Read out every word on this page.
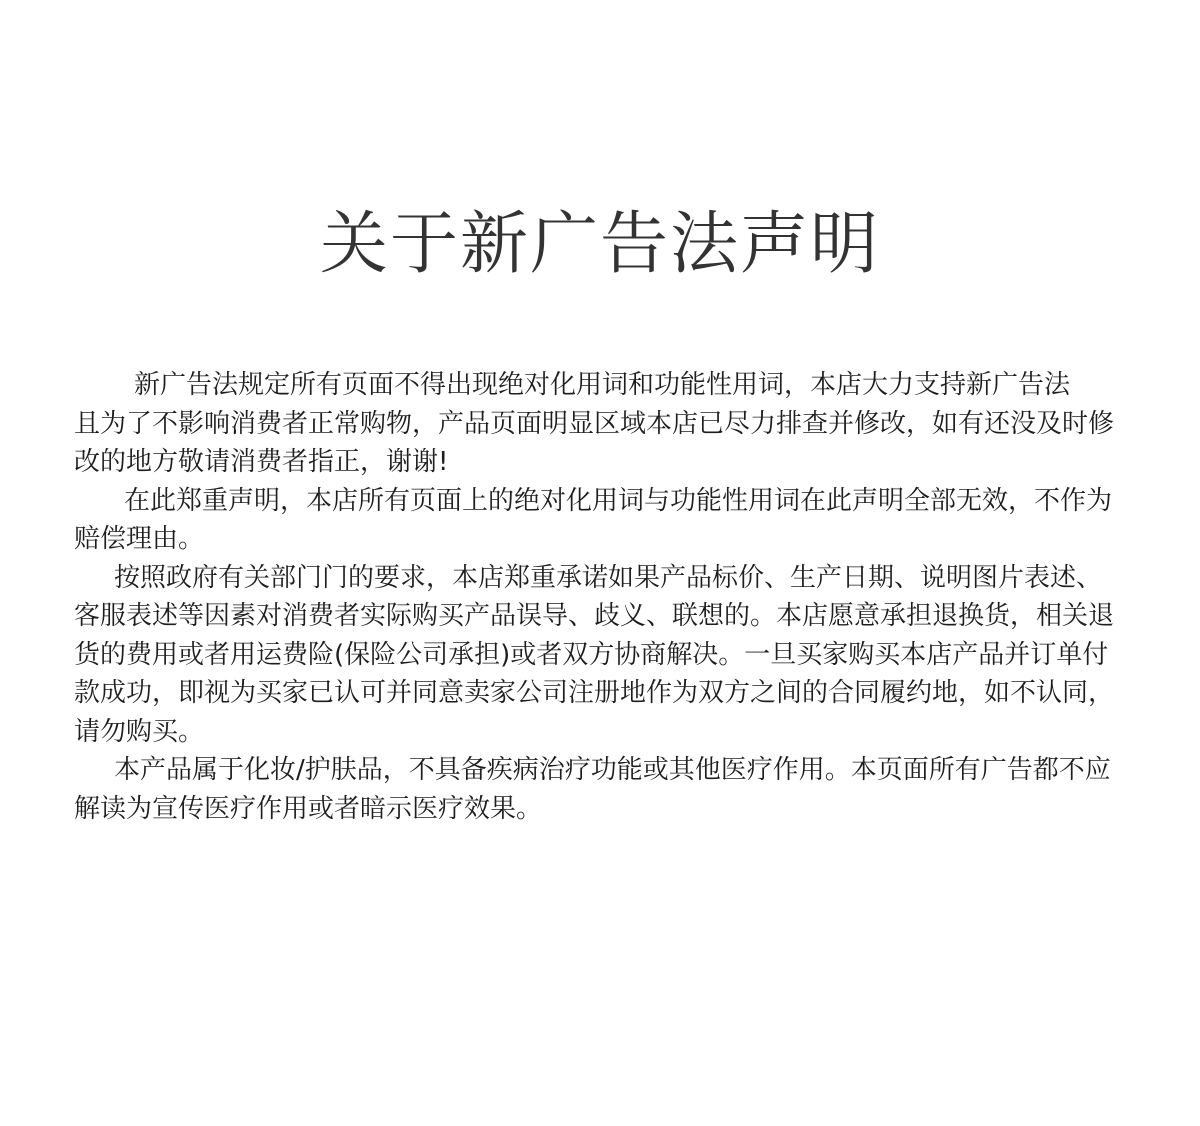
关于新广告法声明

新广告法规定所有页面不得出现绝对化用词和功能性用词，本店大力支持新广告法

且为了不影响消费者正常购物，产品页面明显区域本店已尽力排查并修改，如有还没及时修改的地方敬请消费者指正，谢谢!

在此郑重声明，本店所有页面上的绝对化用词与功能性用词在此声明全部无效，不作为赔偿理由。

按照政府有关部门门的要求，本店郑重承诺如果产品标价、生产日期、说明图片表述、客服表述等因素对消费者实际购买产品误导、歧义、联想的。本店愿意承担退换货，相关退货的费用或者用运费险(保险公司承担)或者双方协商解决。一旦买家购买本店产品并订单付款成功，即视为买家已认可并同意卖家公司注册地作为双方之间的合同履约地，如不认同，请勿购买。

本产品属于化妆/护肤品，不具备疾病治疗功能或其他医疗作用。本页面所有广告都不应解读为宣传医疗作用或者暗示医疗效果。
